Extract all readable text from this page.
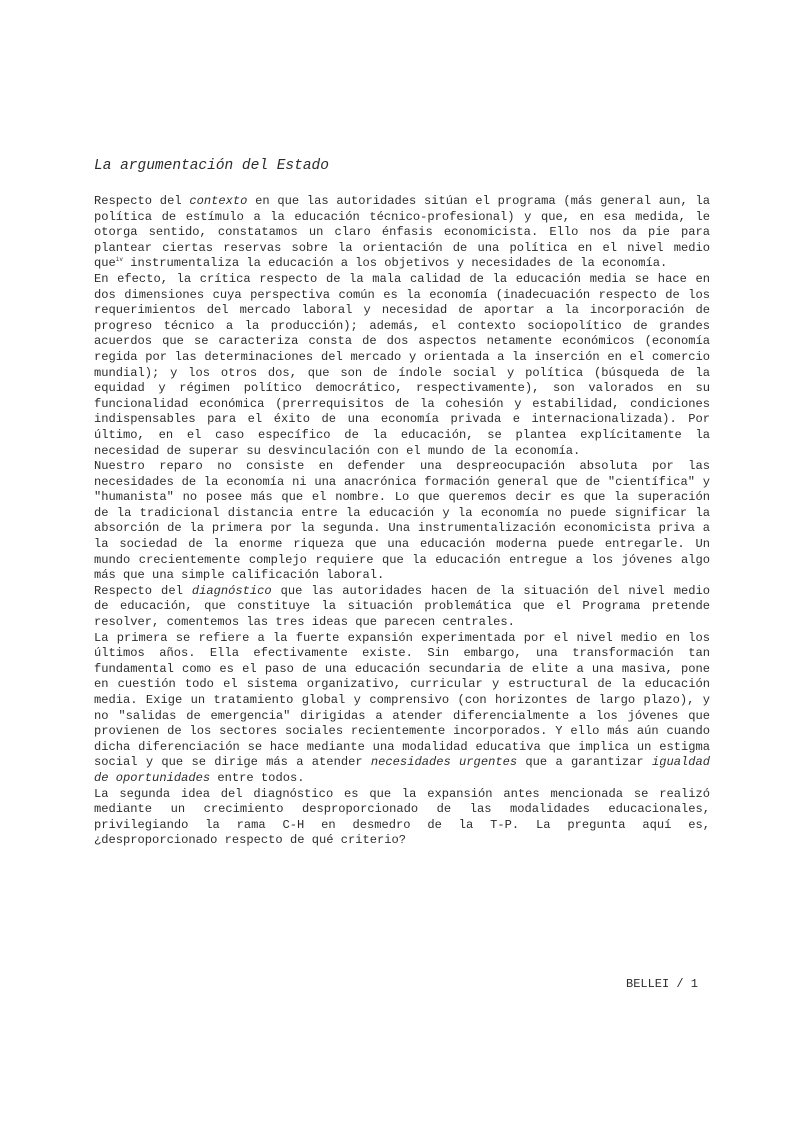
La argumentación del Estado

Respecto del contexto en que las autoridades sitúan el programa (más general aun, la política de estímulo a la educación técnico-profesional) y que, en esa medida, le otorga sentido, constatamos un claro énfasis economicista. Ello nos da pie para plantear ciertas reservas sobre la orientación de una política en el nivel medio que$^{iv}$ instrumentaliza la educación a los objetivos y necesidades de la economía.

En efecto, la crítica respecto de la mala calidad de la educación media se hace en dos dimensiones cuya perspectiva común es la economía (inadecuación respecto de los requerimientos del mercado laboral y necesidad de aportar a la incorporación de progreso técnico a la producción); además, el contexto sociopolítico de grandes acuerdos que se caracteriza consta de dos aspectos netamente económicos (economía regida por las determinaciones del mercado y orientada a la inserción en el comercio mundial); y los otros dos, que son de índole social y política (búsqueda de la equidad y régimen político democrático, respectivamente), son valorados en su funcionalidad económica (prerrequisitos de la cohesión y estabilidad, condiciones indispensables para el éxito de una economía privada e internacionalizada). Por último, en el caso específico de la educación, se plantea explícitamente la necesidad de superar su desvinculación con el mundo de la economía.

Nuestro reparo no consiste en defender una despreocupación absoluta por las necesidades de la economía ni una anacrónica formación general que de "científica" y "humanista" no posee más que el nombre. Lo que queremos decir es que la superación de la tradicional distancia entre la educación y la economía no puede significar la absorción de la primera por la segunda. Una instrumentalización economicista priva a la sociedad de la enorme riqueza que una educación moderna puede entregarle. Un mundo crecientemente complejo requiere que la educación entregue a los jóvenes algo más que una simple calificación laboral.

Respecto del diagnóstico que las autoridades hacen de la situación del nivel medio de educación, que constituye la situación problemática que el Programa pretende resolver, comentemos las tres ideas que parecen centrales.

La primera se refiere a la fuerte expansión experimentada por el nivel medio en los últimos años. Ella efectivamente existe. Sin embargo, una transformación tan fundamental como es el paso de una educación secundaria de elite a una masiva, pone en cuestión todo el sistema organizativo, curricular y estructural de la educación media. Exige un tratamiento global y comprensivo (con horizontes de largo plazo), y no "salidas de emergencia" dirigidas a atender diferencialmente a los jóvenes que provienen de los sectores sociales recientemente incorporados. Y ello más aún cuando dicha diferenciación se hace mediante una modalidad educativa que implica un estigma social y que se dirige más a atender necesidades urgentes que a garantizar igualdad de oportunidades entre todos.

La segunda idea del diagnóstico es que la expansión antes mencionada se realizó mediante un crecimiento desproporcionado de las modalidades educacionales, privilegiando la rama C-H en desmedro de la T-P. La pregunta aquí es, ¿desproporcionado respecto de qué criterio?

BELLEI / 1
